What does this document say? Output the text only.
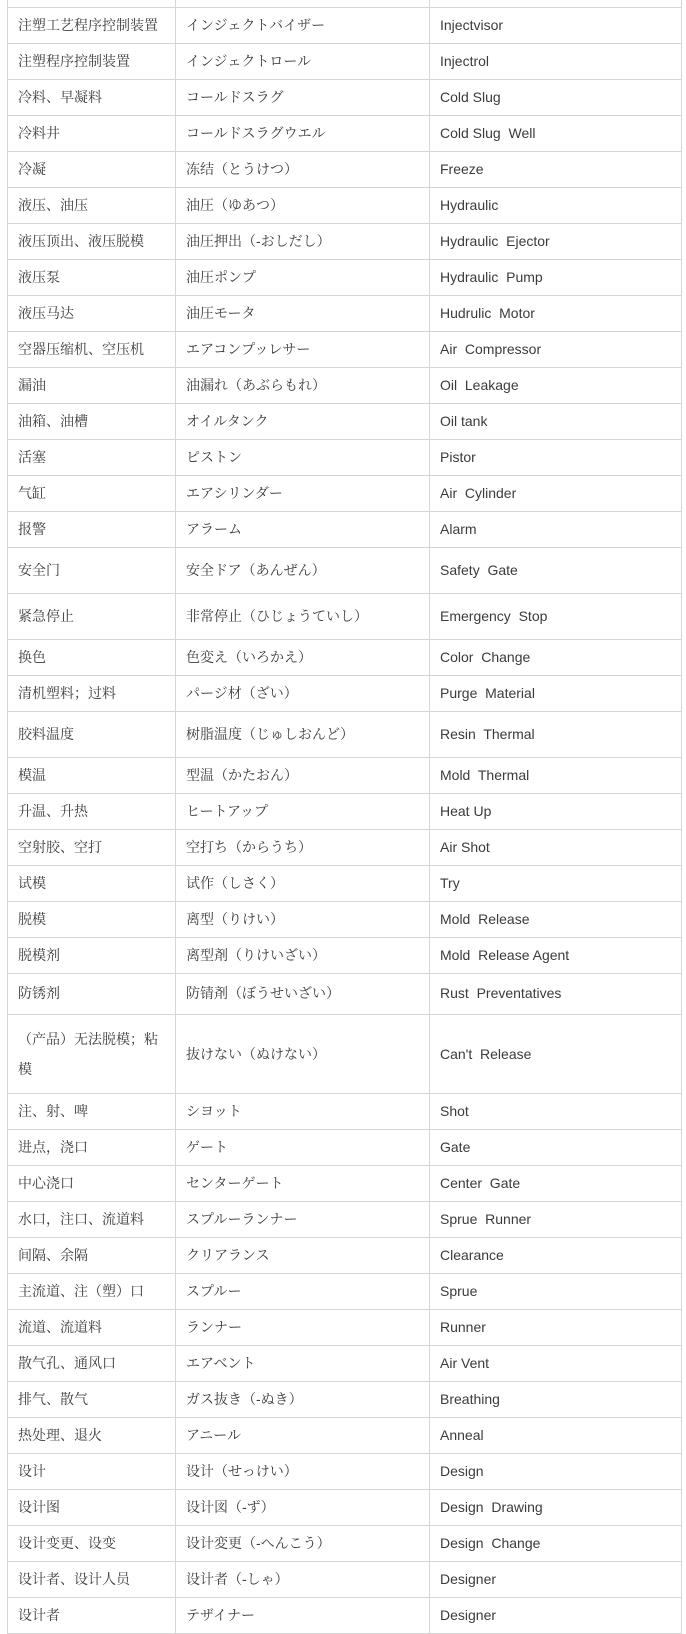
注塑工艺程序控制装置	インジェクトバイザー	Injectvisor
注塑程序控制装置	インジェクトロール	Injectrol
冷料、早凝料	コールドスラグ	Cold Slug
冷料井	コールドスラグウエル	Cold Slug  Well
冷凝	冻结（とうけつ）	Freeze
液压、油压	油圧（ゆあつ）	Hydraulic
液压顶出、液压脱模	油圧押出（-おしだし）	Hydraulic  Ejector
液压泵	油圧ポンプ	Hydraulic  Pump
液压马达	油圧モータ	Hudrulic  Motor
空器压缩机、空压机	エアコンプッレサー	Air  Compressor
漏油	油漏れ（あぶらもれ）	Oil  Leakage
油箱、油槽	オイルタンク	Oil tank
活塞	ピストン	Pistor
气缸	エアシリンダー	Air  Cylinder
报警	アラーム	Alarm
安全门	安全ドア（あんぜん）	Safety  Gate
紧急停止	非常停止（ひじょうていし）	Emergency  Stop
换色	色変え（いろかえ）	Color  Change
清机塑料；过料	パージ材（ざい）	Purge  Material
胶料温度	树脂温度（じゅしおんど）	Resin  Thermal
模温	型温（かたおん）	Mold  Thermal
升温、升热	ヒートアップ	Heat Up
空射胶、空打	空打ち（からうち）	Air Shot
试模	试作（しさく）	Try
脱模	离型（りけい）	Mold  Release
脱模剂	离型剤（りけいざい）	Mold  Release Agent
防锈剂	防锖剤（ぼうせいざい）	Rust  Preventatives
（产品）无法脱模；粘模	抜けない（ぬけない）	Can't  Release
注、射、啤	シヨット	Shot
进点，浇口	ゲート	Gate
中心浇口	センターゲート	Center  Gate
水口，注口、流道料	スプルーランナー	Sprue  Runner
间隔、余隔	クリアランス	Clearance
主流道、注（塑）口	スプルー	Sprue
流道、流道料	ランナー	Runner
散气孔、通风口	エアベント	Air Vent
排气、散气	ガス抜き（-ぬき）	Breathing
热处理、退火	アニール	Anneal
设计	设计（せっけい）	Design
设计图	设计図（-ず）	Design  Drawing
设计变更、设变	设计変更（-へんこう）	Design  Change
设计者、设计人员	设计者（-しゃ）	Designer
设计者	テザイナー	Designer
